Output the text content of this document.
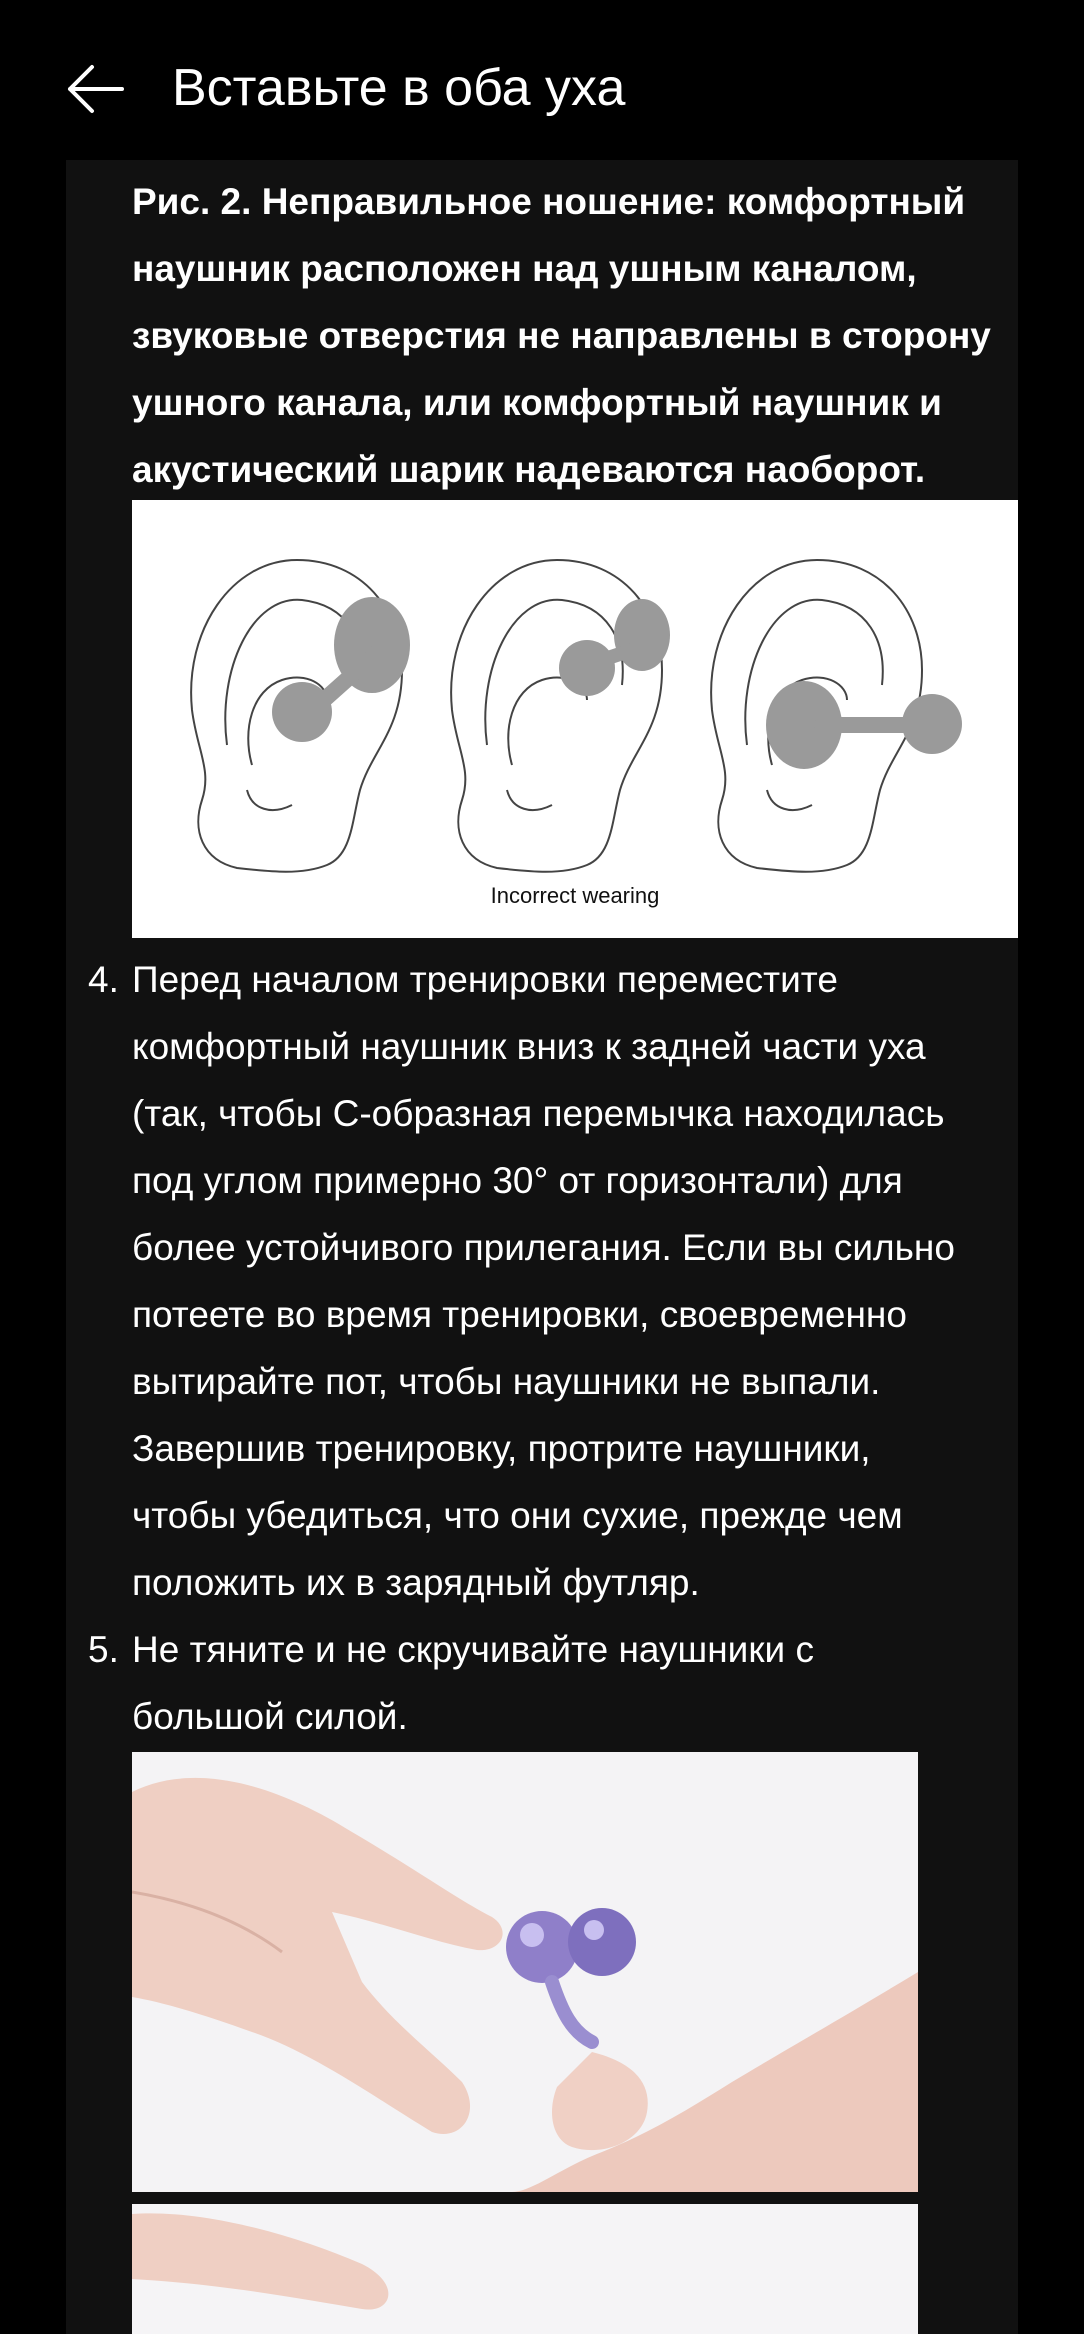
Вставьте в оба уха
Рис. 2. Неправильное ношение: комфортный
наушник расположен над ушным каналом,
звуковые отверстия не направлены в сторону
ушного канала, или комфортный наушник и
акустический шарик надеваются наоборот.
Incorrect wearing
4. Перед началом тренировки переместите
комфортный наушник вниз к задней части уха
(так, чтобы С-образная перемычка находилась
под углом примерно 30° от горизонтали) для
более устойчивого прилегания. Если вы сильно
потеете во время тренировки, своевременно
вытирайте пот, чтобы наушники не выпали.
Завершив тренировку, протрите наушники,
чтобы убедиться, что они сухие, прежде чем
положить их в зарядный футляр.
5. Не тяните и не скручивайте наушники с
большой силой.
